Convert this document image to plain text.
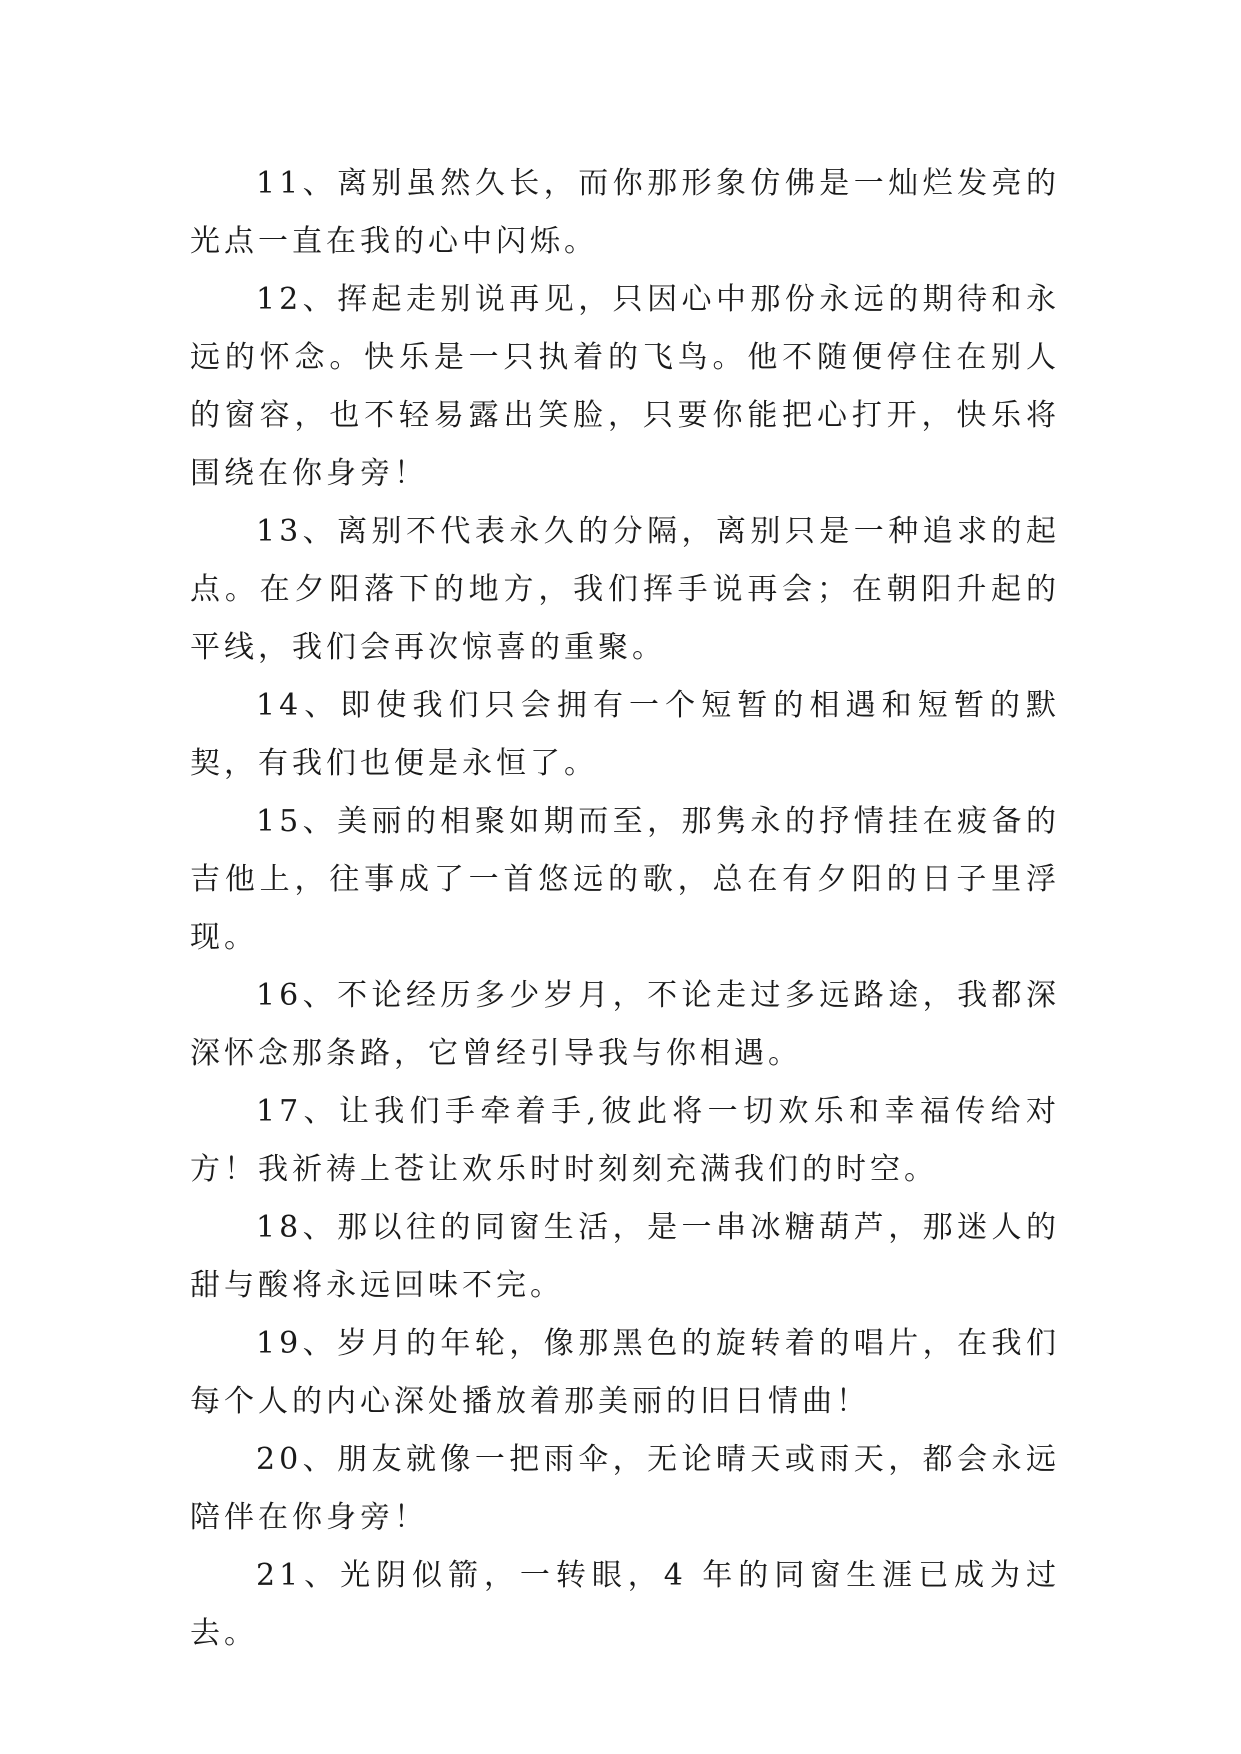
11、离别虽然久长，而你那形象仿佛是一灿烂发亮的光点一直在我的心中闪烁。

12、挥起走别说再见，只因心中那份永远的期待和永远的怀念。快乐是一只执着的飞鸟。他不随便停住在别人的窗容，也不轻易露出笑脸，只要你能把心打开，快乐将围绕在你身旁！

13、离别不代表永久的分隔，离别只是一种追求的起点。在夕阳落下的地方，我们挥手说再会；在朝阳升起的平线，我们会再次惊喜的重聚。

14、即使我们只会拥有一个短暂的相遇和短暂的默契，有我们也便是永恒了。

15、美丽的相聚如期而至，那隽永的抒情挂在疲备的吉他上，往事成了一首悠远的歌，总在有夕阳的日子里浮现。

16、不论经历多少岁月，不论走过多远路途，我都深深怀念那条路，它曾经引导我与你相遇。

17、让我们手牵着手,彼此将一切欢乐和幸福传给对方！我祈祷上苍让欢乐时时刻刻充满我们的时空。

18、那以往的同窗生活，是一串冰糖葫芦，那迷人的甜与酸将永远回味不完。

19、岁月的年轮，像那黑色的旋转着的唱片，在我们每个人的内心深处播放着那美丽的旧日情曲！

20、朋友就像一把雨伞，无论晴天或雨天，都会永远陪伴在你身旁！

21、光阴似箭，一转眼，4 年的同窗生涯已成为过去。
